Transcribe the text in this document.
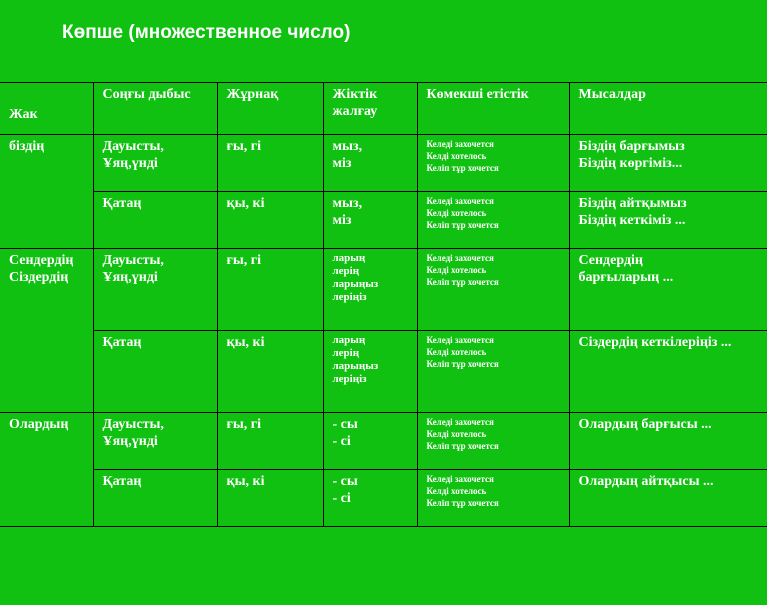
Көпше (множественное число)
Жак	Соңғы дыбыс	Жұрнақ	Жіктік жалғау	Көмекші етістік	Мысалдар

біздің	Дауысты,
Ұяң,үнді	ғы, гі	мыз,
міз	Келеді захочется
Келді хотелось
Келіп тұр хочется	Біздің барғымыз
Біздің көргіміз...

	Қатаң	қы, кі	мыз,
міз	Келеді захочется
Келді хотелось
Келіп тұр хочется	Біздің айтқымыз
Біздің кеткіміз ...

Сендердің
Сіздердің	Дауысты,
Ұяң,үнді	ғы, гі	ларың
лерің
ларыңыз
леріңіз	Келеді захочется
Келді хотелось
Келіп тұр хочется	Сендердің
барғыларың ...

	Қатаң	қы, кі	ларың
лерің
ларыңыз
леріңіз	Келеді захочется
Келді хотелось
Келіп тұр хочется	Сіздердің кеткілеріңіз ...

Олардың	Дауысты,
Ұяң,үнді	ғы, гі	- сы
- сі	Келеді захочется
Келді хотелось
Келіп тұр хочется	Олардың барғысы ...

	Қатаң	қы, кі	- сы
- сі	Келеді захочется
Келді хотелось
Келіп тұр хочется	Олардың айтқысы ...
